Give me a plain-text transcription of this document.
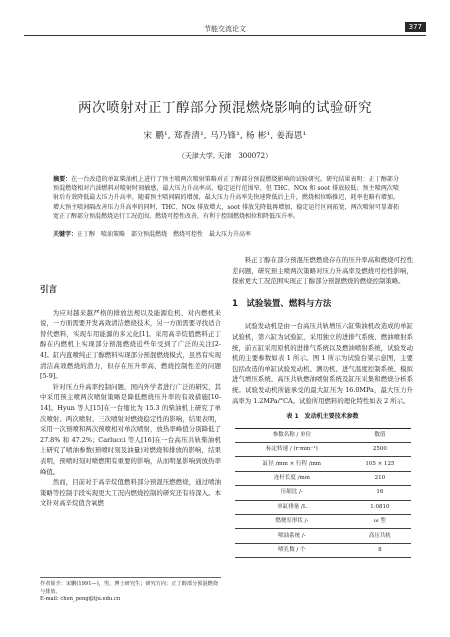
节能交流论文	377
两次喷射对正丁醇部分预混燃烧影响的试验研究
宋 鹏¹, 郑香清¹, 马乃锋¹, 杨 彬¹, 姜海恩¹
（天津大学, 天津　300072）
摘要：在一台改造的单缸柴油机上进行了预主喷两次喷射策略对正丁醇部分预混燃烧影响的试验研究。研究结果表明：正丁醇部分预混燃烧相对汽油燃料对喷射时刻敏感，最大压力升高率高，稳定运行范围窄，但 THC、NOx 和 soot 排放较低；预主喷两次喷射后有效降低最大压力升高率，随着预主喷间隔的增加，最大压力升高率先快速降低后上升，燃烧相位略推迟，耗率也略有增加，增大预主喷间隔改善压力升高率的同时，THC、NOx 排放增大，soot 排放先降低再增加，稳定运行区间拓宽，两次喷射可显著拓宽正丁醇部分预混燃烧运行工况范围，燃烧可控性改善，有利于控制燃烧相位和降低压升率。
关键字：正丁醇　喷油策略　部分预混燃烧　燃烧可控性　最大压力升高率
引言

为应对越来越严格的排放法规以及能源危机、对内燃机来说，一方面需要开发高效清洁燃烧技术，另一方面需要寻找适合替代燃料，实现车用能源的多元化[1]。采用高辛烷值燃料正丁醇在内燃机上实现部分预混燃烧近些年受到了广泛的关注[2-4]。缸内直喷纯正丁醇燃料实现部分预混燃烧模式，虽然有实现清洁高效燃烧的潜力，但存在压升率高、燃烧控制性差的问题[5-9]。

针对压力升高率控制问题，国内外学者进行广泛的研究，其中采用预主喷两次喷射策略是降低燃烧压升率的有效措施[10-14]。Hyun 等人[15]在一台缩比为 15.3 的柴油机上研究了单次喷射、两次喷射、三次喷射对燃烧稳定性的影响，结果表明，采用一次预喷和两次预喷相对单次喷射，放热率峰值分别降低了 27.8% 和 47.2%；Carlucci 等人[16]在一台高压共轨柴油机上研究了喷油参数(预喷时刻及油量)对燃烧和排放的影响，结果表明，预喷时刻对喷燃期有重要的影响，从而明显影响到放热率峰值。

然而，目前对于高辛烷值燃料部分预混压燃燃烧，通过喷油策略等控制手段实现更大工况内燃烧控制的研究还有待深入。本文针对高辛烷值含氧燃

作者简介：宋鹏(1991—)，男，博士研究生；研究方向：正丁醇部分预混燃烧与排放。
E-mail: chen_peng@tju.edu.cn

料正丁醇在部分预混压燃燃烧存在的压升率高和燃烧可控性差问题，研究预主喷两次策略对压力升高率及燃烧可控性影响，探索更大工况范围实现正丁醇部分预混燃烧的燃烧控制策略。

1　试验装置、燃料与方法

试验发动机是由一台高压共轨增压六缸柴油机改造成的单缸试验机，第六缸为试验缸，采用独立的进排气系统、燃油喷射系统，前五缸采用原机的进排气系统以及燃油喷射系统，试验发动机的主要参数如表 1 所示。图 1 所示为试验台架示意图，主要包括改造的单缸试验发动机、测功机、进气温度控制系统、模拟进气增压系统、高压共轨燃油喷射系统及缸压采集和燃烧分析系统。试验发动机所能承受的最大缸压为 16.0MPa，最大压力升高率为 1.2MPa/°CA。试验所用燃料的理化特性如表 2 所示。

表 1　发动机主要技术参数
参数名称 / 单位	数值
标定转速 / (r·min⁻¹)	2500
缸径 /mm × 行程 /mm	105 × 125
连杆长度 /mm	210
压缩比 /-	16
单缸排量 /L	1.0810
燃烧室形状 /-	ω 型
喷油系统 /-	高压共轨
喷孔数 / 个	8
